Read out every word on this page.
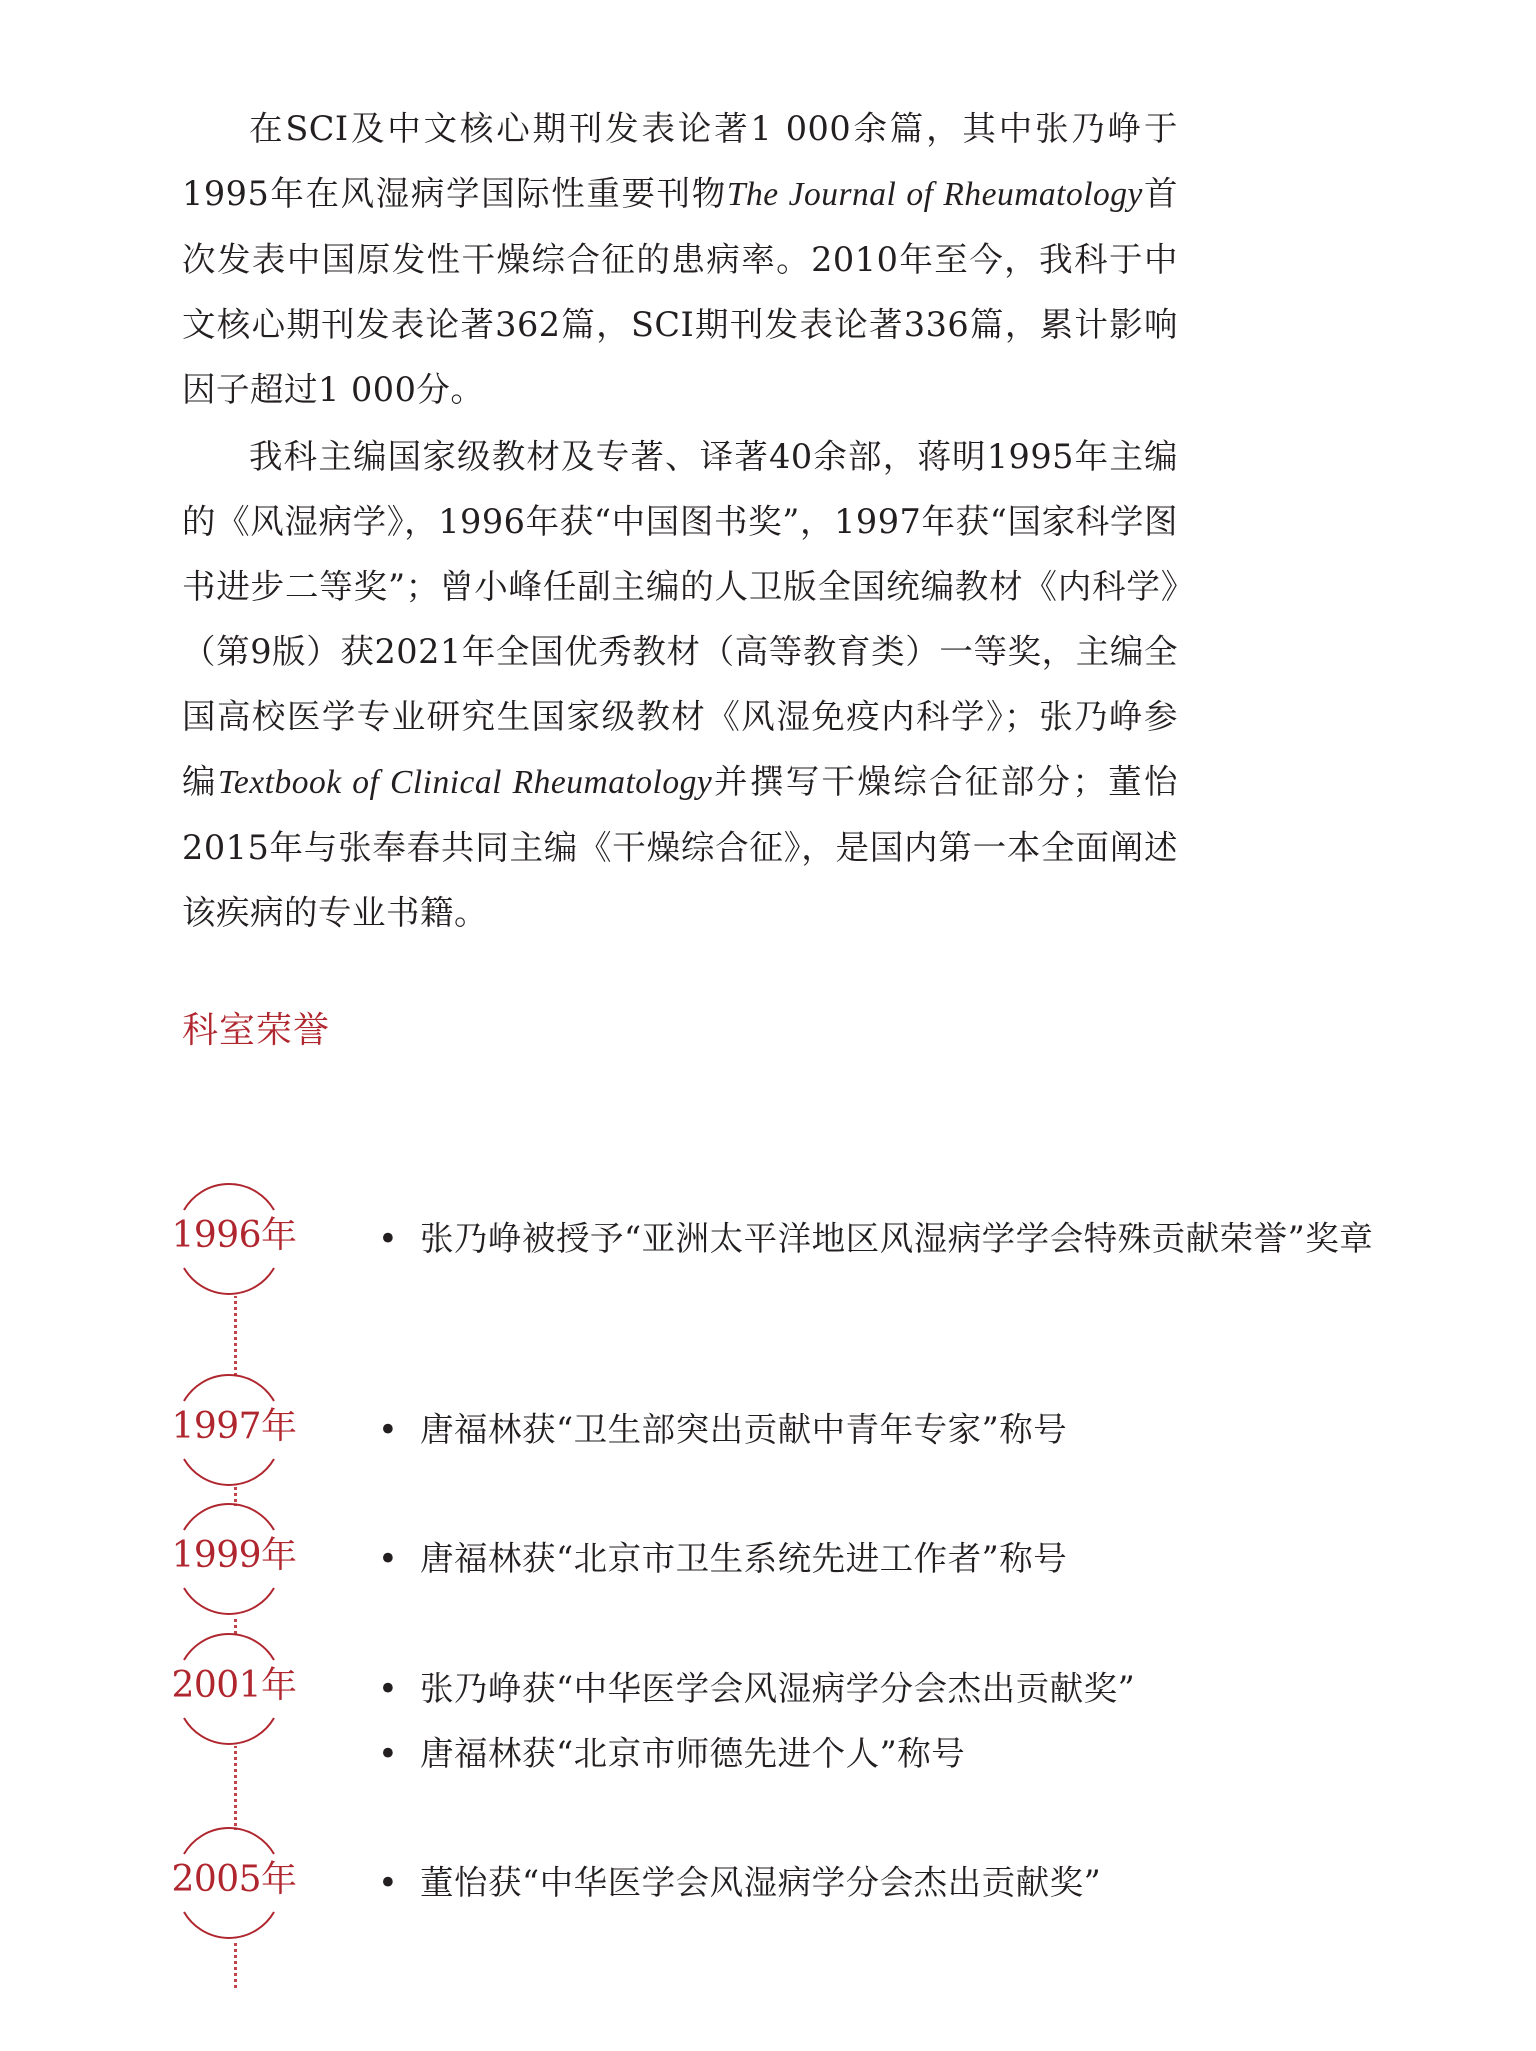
在SCI及中文核心期刊发表论著1 000余篇，其中张乃峥于1995年在风湿病学国际性重要刊物The Journal of Rheumatology首次发表中国原发性干燥综合征的患病率。2010年至今，我科于中文核心期刊发表论著362篇，SCI期刊发表论著336篇，累计影响因子超过1 000分。

我科主编国家级教材及专著、译著40余部，蒋明1995年主编的《风湿病学》，1996年获“中国图书奖”，1997年获“国家科学图书进步二等奖”；曾小峰任副主编的人卫版全国统编教材《内科学》（第9版）获2021年全国优秀教材（高等教育类）一等奖，主编全国高校医学专业研究生国家级教材《风湿免疫内科学》；张乃峥参编Textbook of Clinical Rheumatology并撰写干燥综合征部分；董怡2015年与张奉春共同主编《干燥综合征》，是国内第一本全面阐述该疾病的专业书籍。

科室荣誉
1996年	• 张乃峥被授予“亚洲太平洋地区风湿病学学会特殊贡献荣誉”奖章
1997年	• 唐福林获“卫生部突出贡献中青年专家”称号
1999年	• 唐福林获“北京市卫生系统先进工作者”称号
2001年	• 张乃峥获“中华医学会风湿病学分会杰出贡献奖”
• 唐福林获“北京市师德先进个人”称号
2005年	• 董怡获“中华医学会风湿病学分会杰出贡献奖”
